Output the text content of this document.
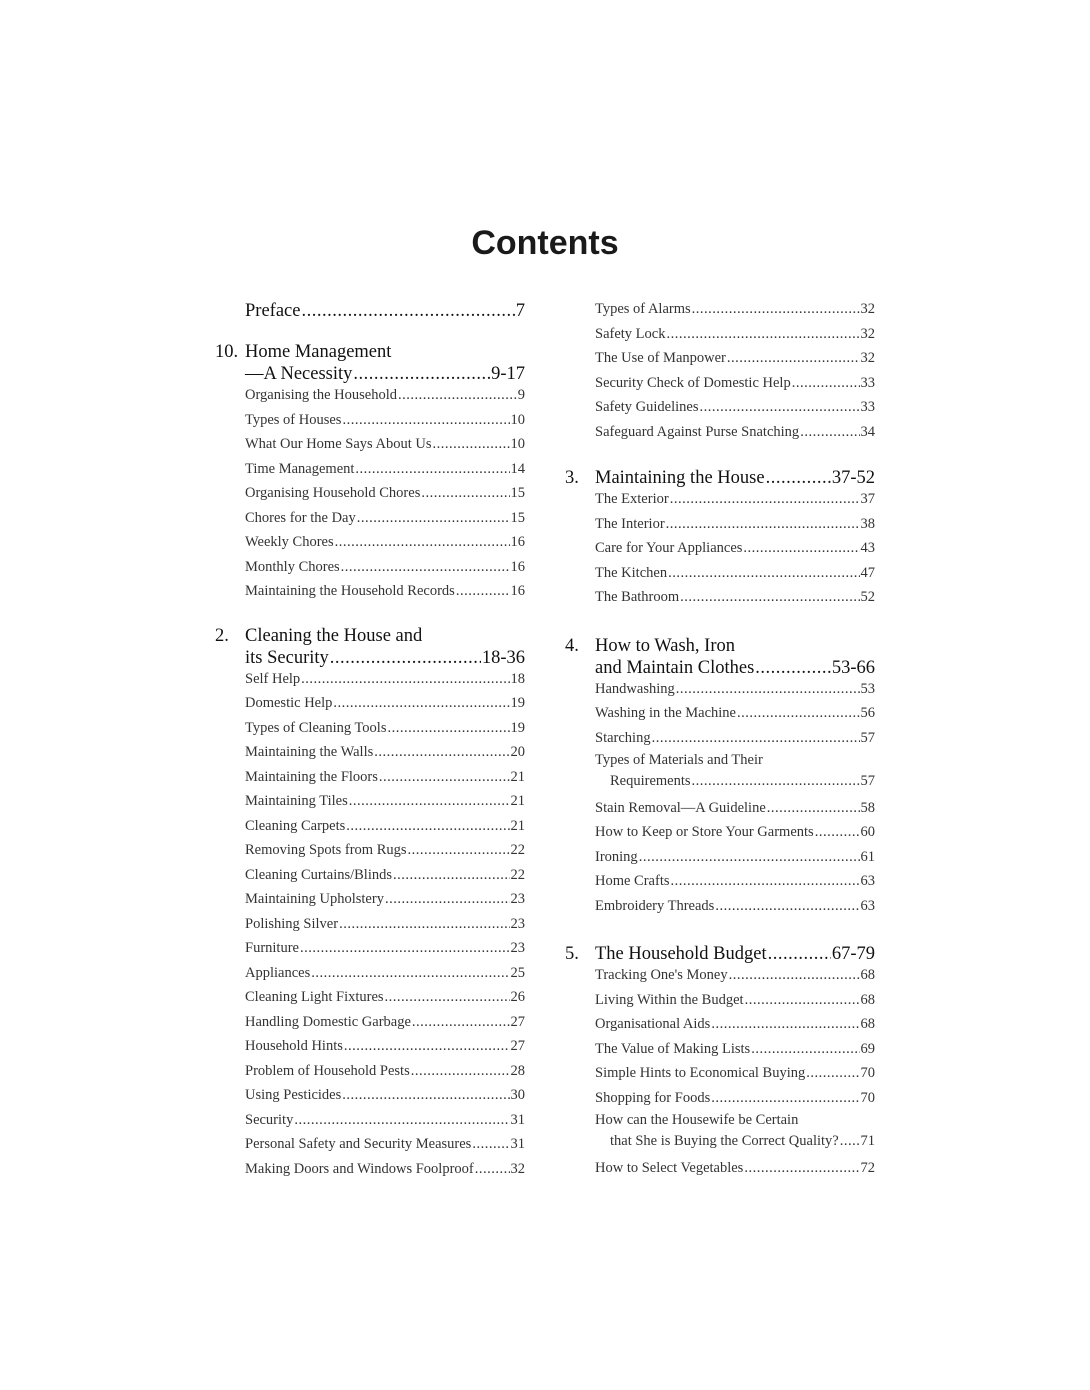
Contents
Preface .....	7
10. Home Management
—A Necessity .....	9-17
Organising the Household .....	9
Types of Houses .....	10
What Our Home Says About Us .....	10
Time Management .....	14
Organising Household Chores .....	15
Chores for the Day .....	15
Weekly Chores .....	16
Monthly Chores .....	16
Maintaining the Household Records .....	16
2. Cleaning the House and
its Security .....	18-36
Self Help .....	18
Domestic Help .....	19
Types of Cleaning Tools .....	19
Maintaining the Walls .....	20
Maintaining the Floors .....	21
Maintaining Tiles .....	21
Cleaning Carpets .....	21
Removing Spots from Rugs .....	22
Cleaning Curtains/Blinds .....	22
Maintaining Upholstery .....	23
Polishing Silver .....	23
Furniture .....	23
Appliances .....	25
Cleaning Light Fixtures .....	26
Handling Domestic Garbage .....	27
Household Hints .....	27
Problem of Household Pests .....	28
Using Pesticides .....	30
Security .....	31
Personal Safety and Security Measures .....	31
Making Doors and Windows Foolproof .....	32
Types of Alarms .....	32
Safety Lock .....	32
The Use of Manpower .....	32
Security Check of Domestic Help .....	33
Safety Guidelines .....	33
Safeguard Against Purse Snatching .....	34
3. Maintaining the House .....	37-52
The Exterior .....	37
The Interior .....	38
Care for Your Appliances .....	43
The Kitchen .....	47
The Bathroom .....	52
4. How to Wash, Iron
and Maintain Clothes .....	53-66
Handwashing .....	53
Washing in the Machine .....	56
Starching .....	57
Types of Materials and Their
Requirements .....	57
Stain Removal—A Guideline .....	58
How to Keep or Store Your Garments .....	60
Ironing .....	61
Home Crafts .....	63
Embroidery Threads .....	63
5. The Household Budget .....	67-79
Tracking One's Money .....	68
Living Within the Budget .....	68
Organisational Aids .....	68
The Value of Making Lists .....	69
Simple Hints to Economical Buying .....	70
Shopping for Foods .....	70
How can the Housewife be Certain
that She is Buying the Correct Quality? ..... 71
How to Select Vegetables .....	72
